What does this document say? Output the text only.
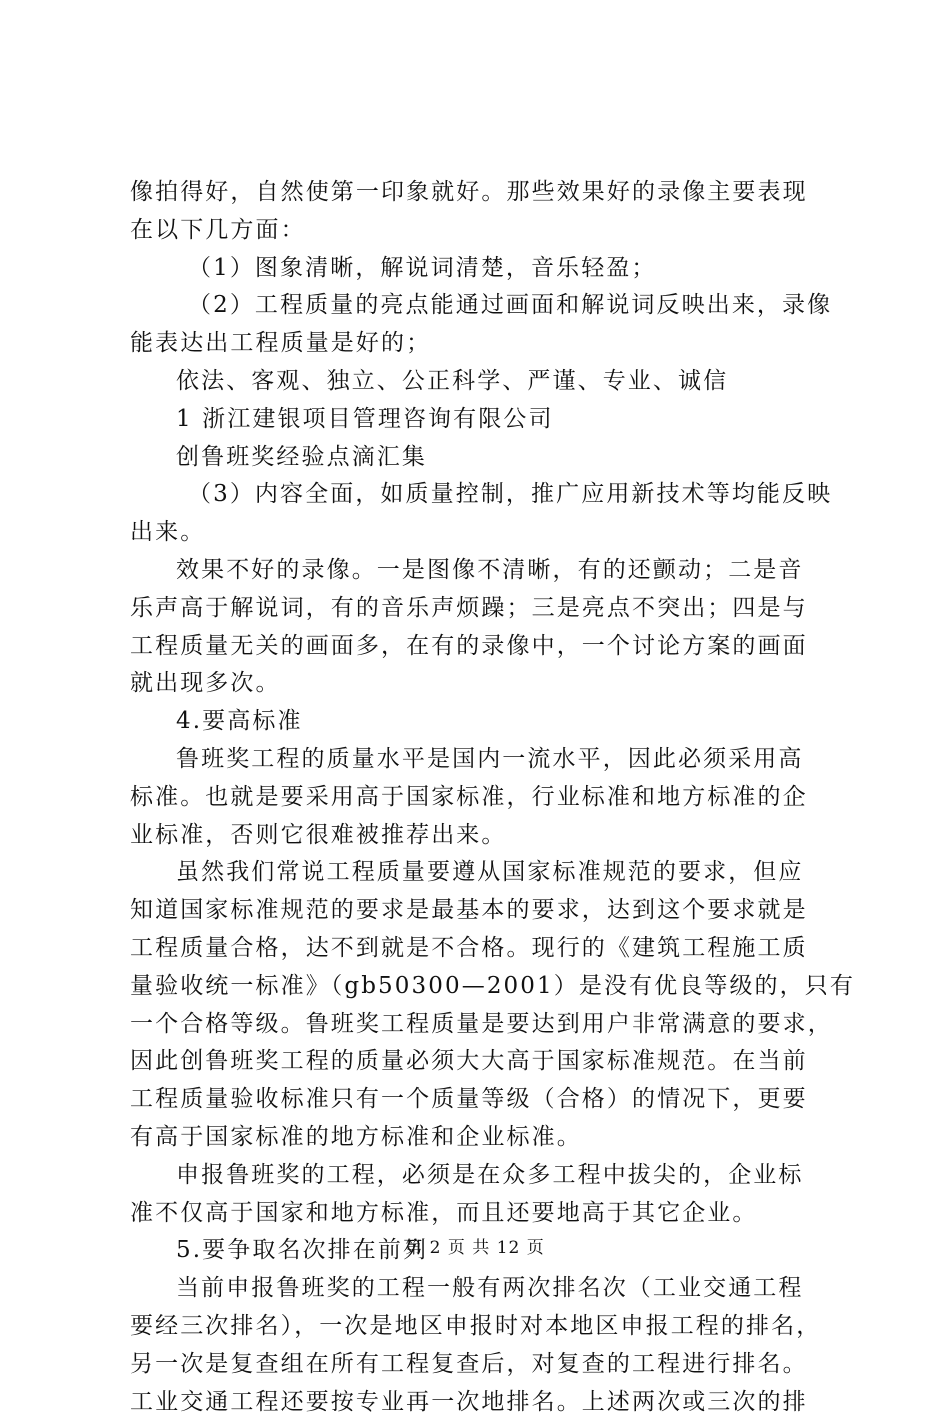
像拍得好，自然使第一印象就好。那些效果好的录像主要表现
在以下几方面：
（1）图象清晰，解说词清楚，音乐轻盈；
（2）工程质量的亮点能通过画面和解说词反映出来，录像
能表达出工程质量是好的；
依法、客观、独立、公正科学、严谨、专业、诚信
1 浙江建银项目管理咨询有限公司
创鲁班奖经验点滴汇集
（3）内容全面，如质量控制，推广应用新技术等均能反映
出来。
效果不好的录像。一是图像不清晰，有的还颤动；二是音
乐声高于解说词，有的音乐声烦躁；三是亮点不突出；四是与
工程质量无关的画面多，在有的录像中，一个讨论方案的画面
就出现多次。
4.要高标准
鲁班奖工程的质量水平是国内一流水平，因此必须采用高
标准。也就是要采用高于国家标准，行业标准和地方标准的企
业标准，否则它很难被推荐出来。
虽然我们常说工程质量要遵从国家标准规范的要求，但应
知道国家标准规范的要求是最基本的要求，达到这个要求就是
工程质量合格，达不到就是不合格。现行的《建筑工程施工质
量验收统一标准》（gb50300—2001）是没有优良等级的，只有
一个合格等级。鲁班奖工程质量是要达到用户非常满意的要求，
因此创鲁班奖工程的质量必须大大高于国家标准规范。在当前
工程质量验收标准只有一个质量等级（合格）的情况下，更要
有高于国家标准的地方标准和企业标准。
申报鲁班奖的工程，必须是在众多工程中拔尖的，企业标
准不仅高于国家和地方标准，而且还要地高于其它企业。
5.要争取名次排在前列
当前申报鲁班奖的工程一般有两次排名次（工业交通工程
要经三次排名），一次是地区申报时对本地区申报工程的排名，
另一次是复查组在所有工程复查后，对复查的工程进行排名。
工业交通工程还要按专业再一次地排名。上述两次或三次的排
第 2 页 共 12 页
